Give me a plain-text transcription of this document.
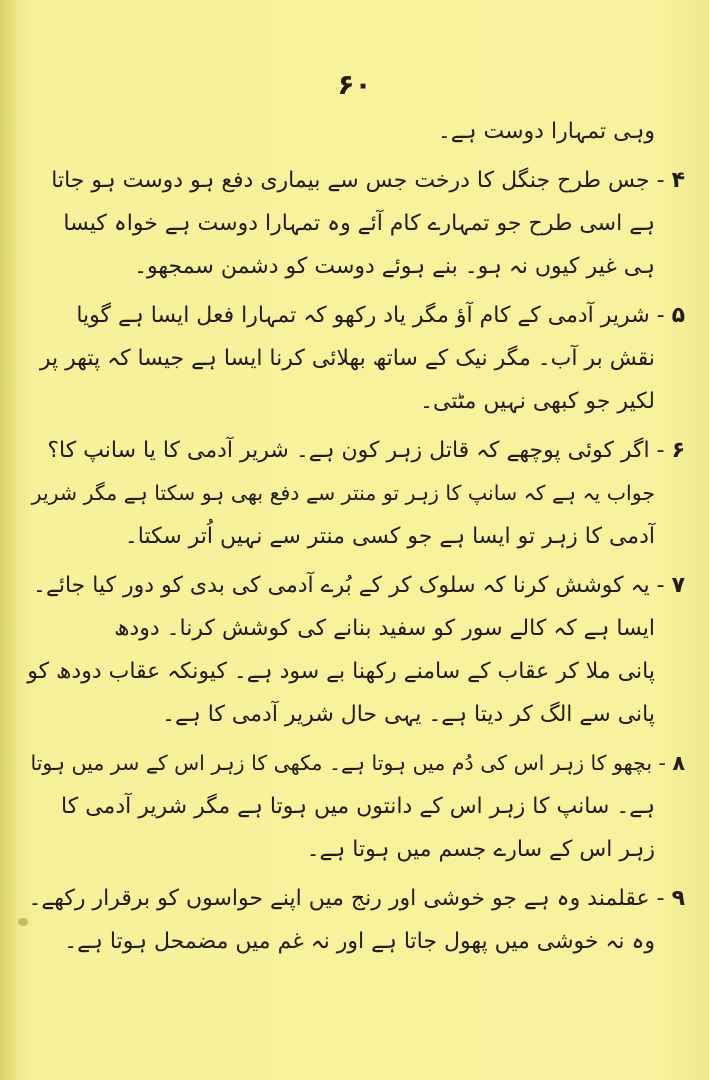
۶۰
وہی تمہارا دوست ہے۔
۴ - جس طرح جنگل کا درخت جس سے بیماری دفع ہو دوست ہو جاتا
ہے اسی طرح جو تمہارے کام آئے وہ تمہارا دوست ہے خواہ کیسا
ہی غیر کیوں نہ ہو۔ بنے ہوئے دوست کو دشمن سمجھو۔
۵ - شریر آدمی کے کام آؤ مگر یاد رکھو کہ تمہارا فعل ایسا ہے گویا
نقش بر آب۔ مگر نیک کے ساتھ بھلائی کرنا ایسا ہے جیسا کہ پتھر پر
لکیر جو کبھی نہیں مٹتی۔
۶ - اگر کوئی پوچھے کہ قاتل زہر کون ہے۔ شریر آدمی کا یا سانپ کا؟
جواب یہ ہے کہ سانپ کا زہر تو منتر سے دفع بھی ہو سکتا ہے مگر شریر
آدمی کا زہر تو ایسا ہے جو کسی منتر سے نہیں اُتر سکتا۔
۷ - یہ کوشش کرنا کہ سلوک کر کے بُرے آدمی کی بدی کو دور کیا جائے۔
ایسا ہے کہ کالے سور کو سفید بنانے کی کوشش کرنا۔ دودھ
پانی ملا کر عقاب کے سامنے رکھنا بے سود ہے۔ کیونکہ عقاب دودھ کو
پانی سے الگ کر دیتا ہے۔ یہی حال شریر آدمی کا ہے۔
۸ - بچھو کا زہر اس کی دُم میں ہوتا ہے۔ مکھی کا زہر اس کے سر میں ہوتا
ہے۔ سانپ کا زہر اس کے دانتوں میں ہوتا ہے مگر شریر آدمی کا
زہر اس کے سارے جسم میں ہوتا ہے۔
۹ - عقلمند وہ ہے جو خوشی اور رنج میں اپنے حواسوں کو برقرار رکھے۔
وہ نہ خوشی میں پھول جاتا ہے اور نہ غم میں مضمحل ہوتا ہے۔
